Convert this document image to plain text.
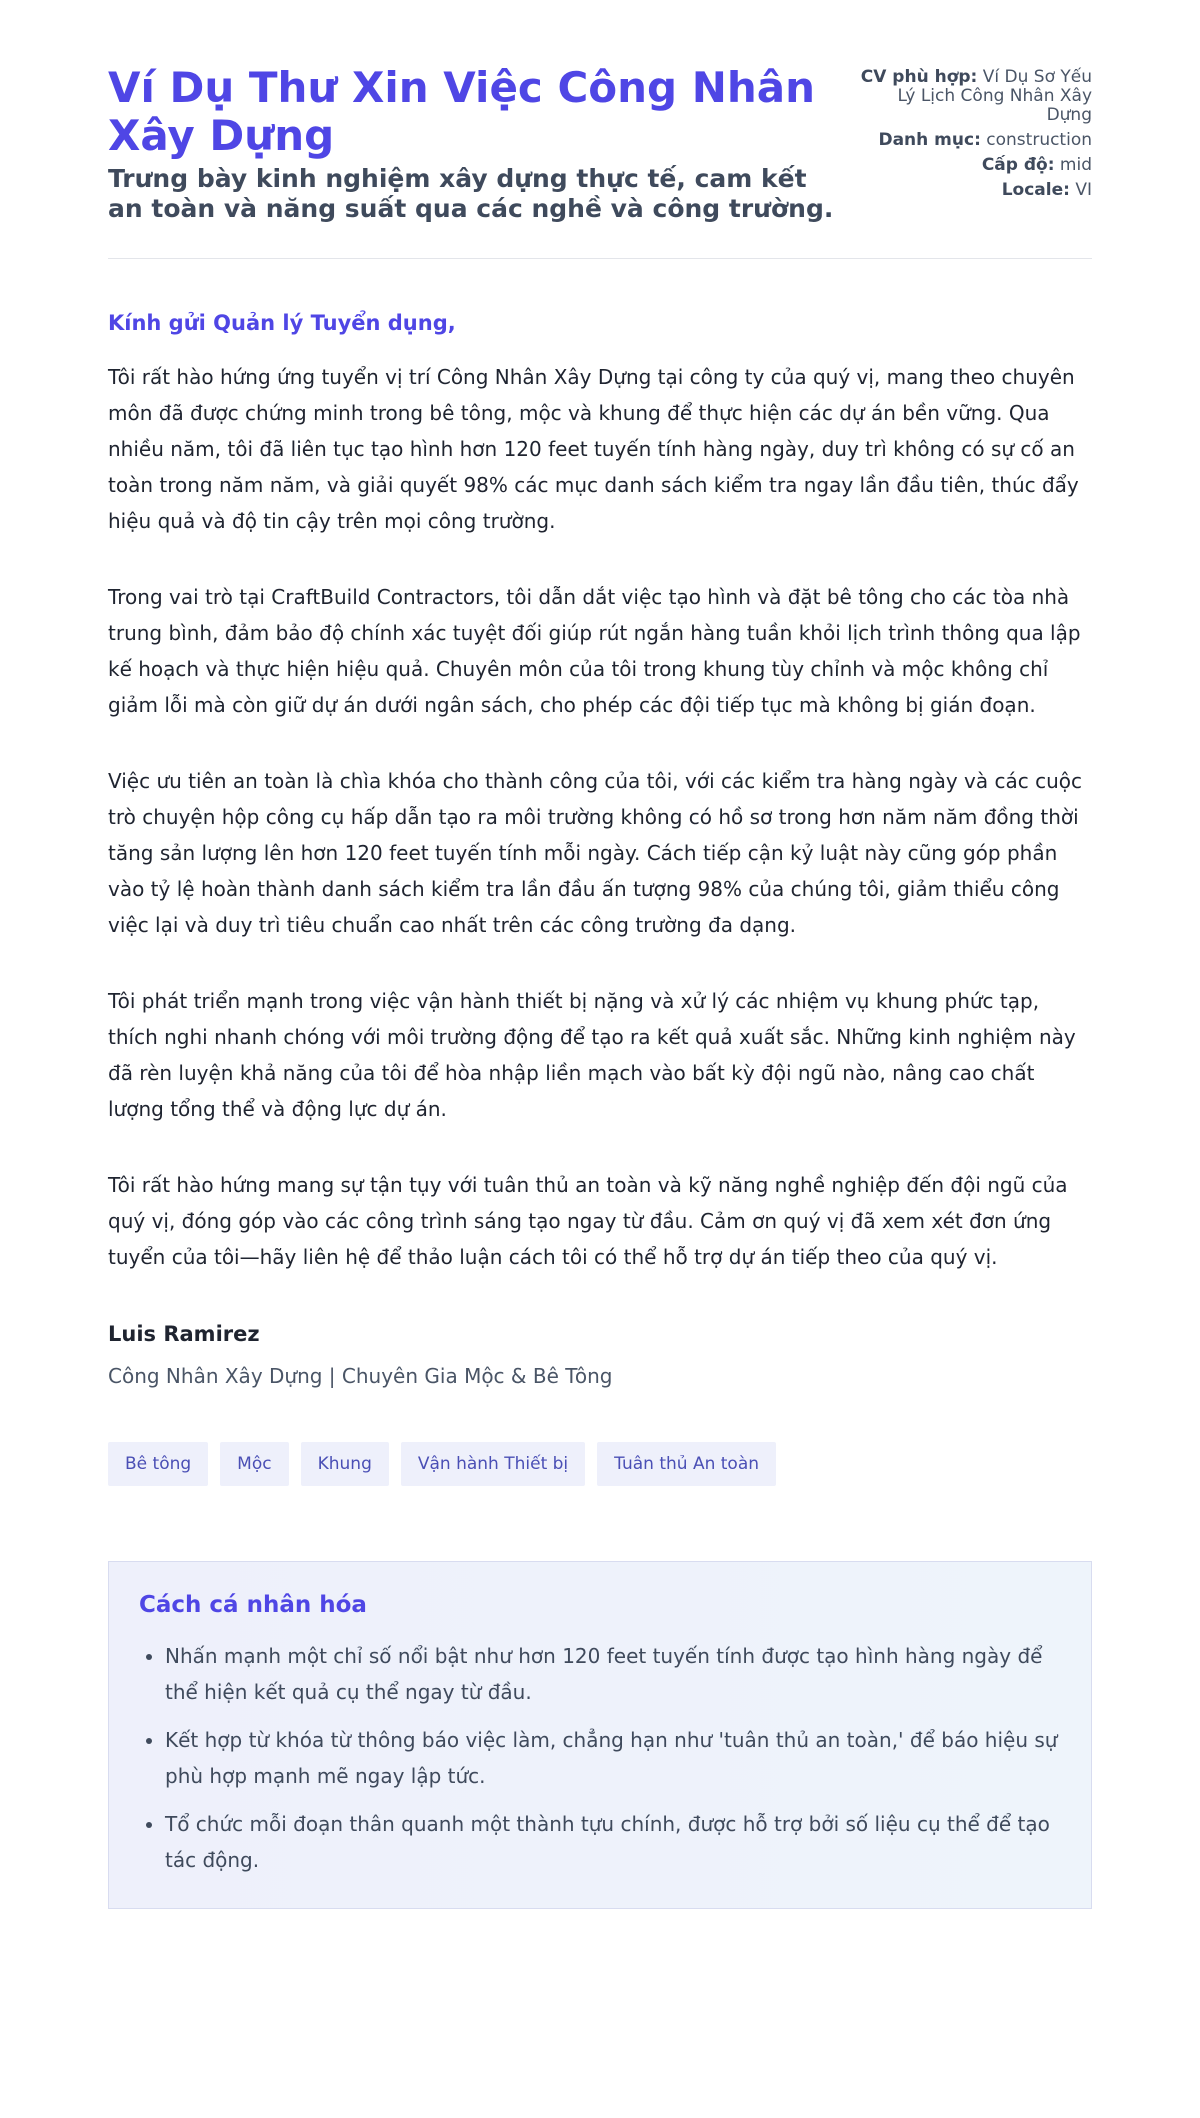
Ví Dụ Thư Xin Việc Công Nhân Xây Dựng
Trưng bày kinh nghiệm xây dựng thực tế, cam kết an toàn và năng suất qua các nghề và công trường.
CV phù hợp: Ví Dụ Sơ Yếu Lý Lịch Công Nhân Xây Dựng
Danh mục: construction
Cấp độ: mid
Locale: VI
Kính gửi Quản lý Tuyển dụng,

Tôi rất hào hứng ứng tuyển vị trí Công Nhân Xây Dựng tại công ty của quý vị, mang theo chuyên môn đã được chứng minh trong bê tông, mộc và khung để thực hiện các dự án bền vững. Qua nhiều năm, tôi đã liên tục tạo hình hơn 120 feet tuyến tính hàng ngày, duy trì không có sự cố an toàn trong năm năm, và giải quyết 98% các mục danh sách kiểm tra ngay lần đầu tiên, thúc đẩy hiệu quả và độ tin cậy trên mọi công trường.

Trong vai trò tại CraftBuild Contractors, tôi dẫn dắt việc tạo hình và đặt bê tông cho các tòa nhà trung bình, đảm bảo độ chính xác tuyệt đối giúp rút ngắn hàng tuần khỏi lịch trình thông qua lập kế hoạch và thực hiện hiệu quả. Chuyên môn của tôi trong khung tùy chỉnh và mộc không chỉ giảm lỗi mà còn giữ dự án dưới ngân sách, cho phép các đội tiếp tục mà không bị gián đoạn.

Việc ưu tiên an toàn là chìa khóa cho thành công của tôi, với các kiểm tra hàng ngày và các cuộc trò chuyện hộp công cụ hấp dẫn tạo ra môi trường không có hồ sơ trong hơn năm năm đồng thời tăng sản lượng lên hơn 120 feet tuyến tính mỗi ngày. Cách tiếp cận kỷ luật này cũng góp phần vào tỷ lệ hoàn thành danh sách kiểm tra lần đầu ấn tượng 98% của chúng tôi, giảm thiểu công việc lại và duy trì tiêu chuẩn cao nhất trên các công trường đa dạng.

Tôi phát triển mạnh trong việc vận hành thiết bị nặng và xử lý các nhiệm vụ khung phức tạp, thích nghi nhanh chóng với môi trường động để tạo ra kết quả xuất sắc. Những kinh nghiệm này đã rèn luyện khả năng của tôi để hòa nhập liền mạch vào bất kỳ đội ngũ nào, nâng cao chất lượng tổng thể và động lực dự án.

Tôi rất hào hứng mang sự tận tụy với tuân thủ an toàn và kỹ năng nghề nghiệp đến đội ngũ của quý vị, đóng góp vào các công trình sáng tạo ngay từ đầu. Cảm ơn quý vị đã xem xét đơn ứng tuyển của tôi—hãy liên hệ để thảo luận cách tôi có thể hỗ trợ dự án tiếp theo của quý vị.

Luis Ramirez
Công Nhân Xây Dựng | Chuyên Gia Mộc & Bê Tông
Bê tông	Mộc	Khung	Vận hành Thiết bị	Tuân thủ An toàn
Cách cá nhân hóa
• Nhấn mạnh một chỉ số nổi bật như hơn 120 feet tuyến tính được tạo hình hàng ngày để thể hiện kết quả cụ thể ngay từ đầu.
• Kết hợp từ khóa từ thông báo việc làm, chẳng hạn như 'tuân thủ an toàn,' để báo hiệu sự phù hợp mạnh mẽ ngay lập tức.
• Tổ chức mỗi đoạn thân quanh một thành tựu chính, được hỗ trợ bởi số liệu cụ thể để tạo tác động.
